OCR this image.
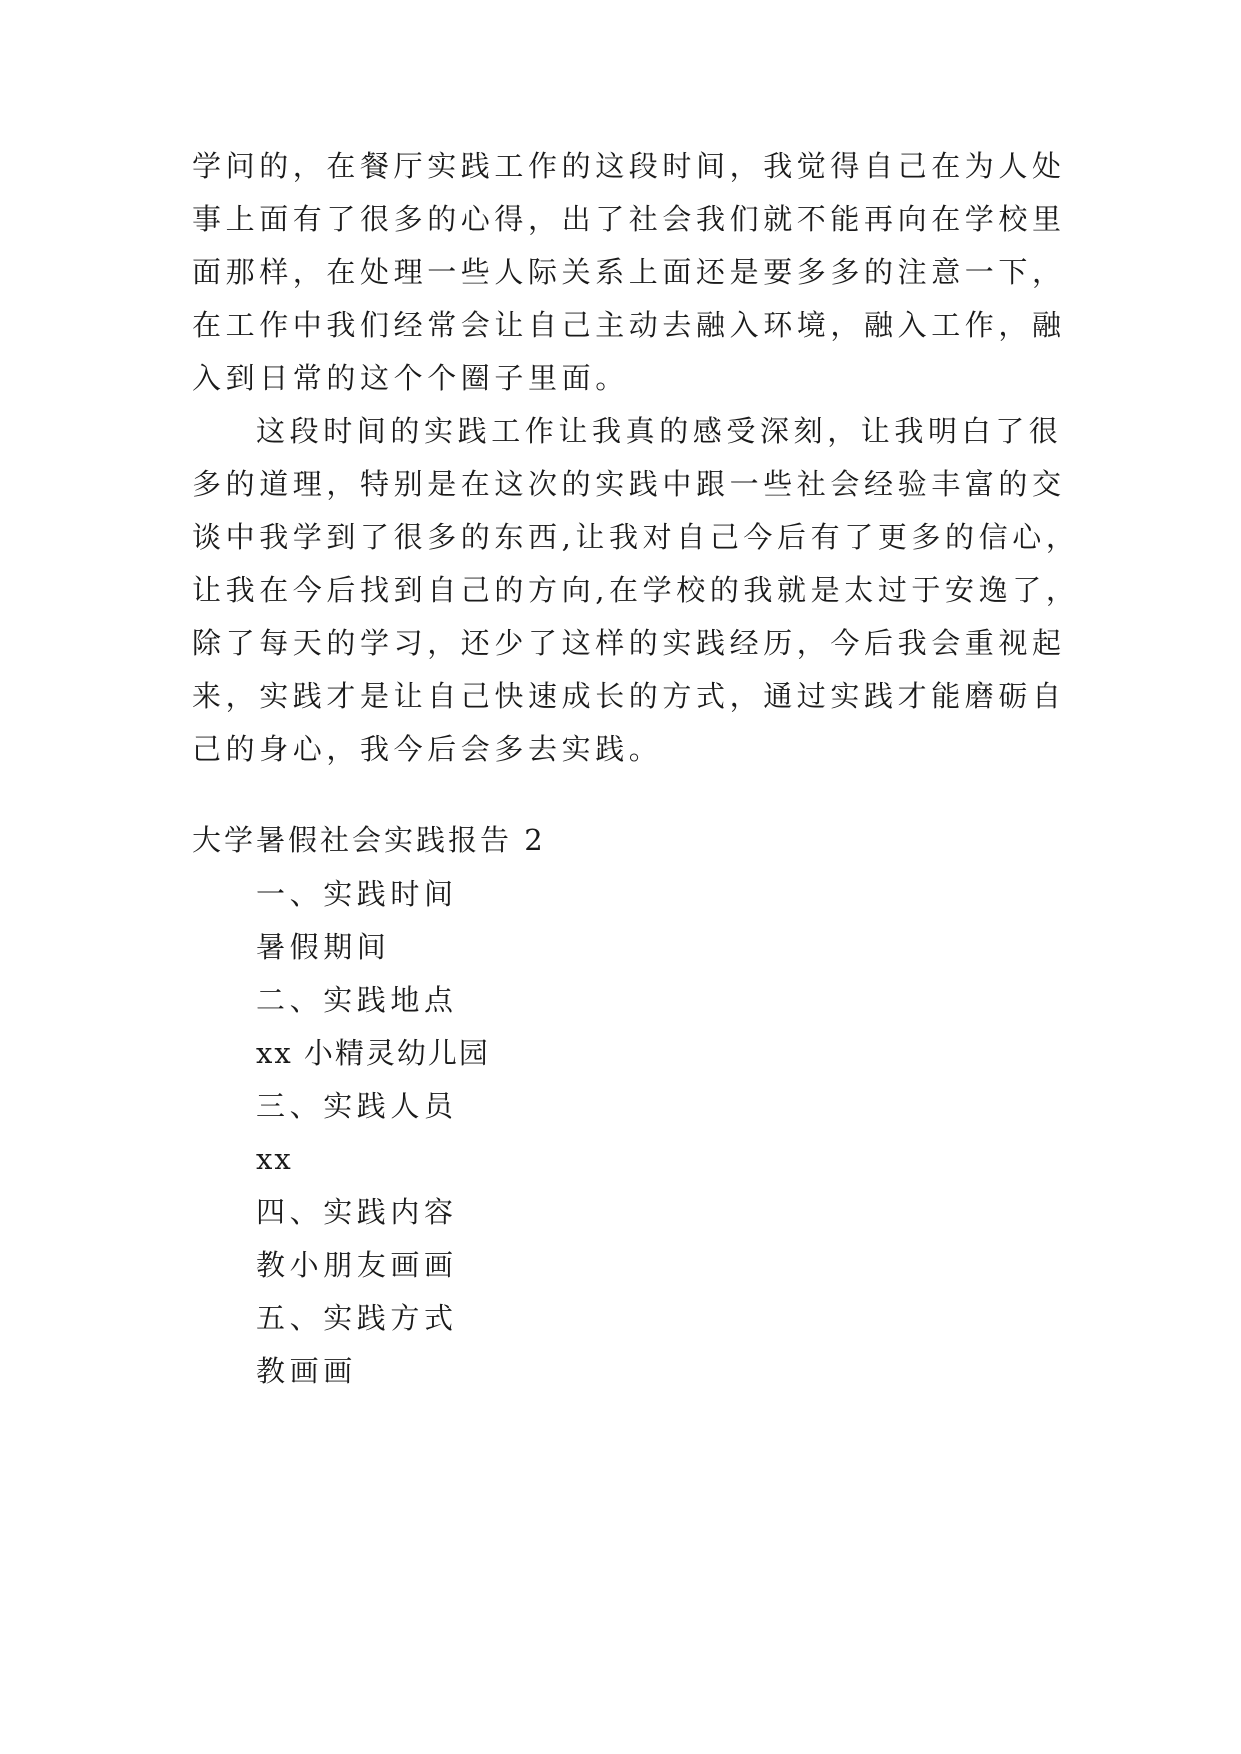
学问的，在餐厅实践工作的这段时间，我觉得自己在为人处
事上面有了很多的心得，出了社会我们就不能再向在学校里
面那样，在处理一些人际关系上面还是要多多的注意一下，
在工作中我们经常会让自己主动去融入环境，融入工作，融
入到日常的这个个圈子里面。
这段时间的实践工作让我真的感受深刻，让我明白了很
多的道理，特别是在这次的实践中跟一些社会经验丰富的交
谈中我学到了很多的东西,让我对自己今后有了更多的信心，
让我在今后找到自己的方向,在学校的我就是太过于安逸了，
除了每天的学习，还少了这样的实践经历，今后我会重视起
来，实践才是让自己快速成长的方式，通过实践才能磨砺自
己的身心，我今后会多去实践。
大学暑假社会实践报告 2
一、实践时间
暑假期间
二、实践地点
xx 小精灵幼儿园
三、实践人员
xx
四、实践内容
教小朋友画画
五、实践方式
教画画
